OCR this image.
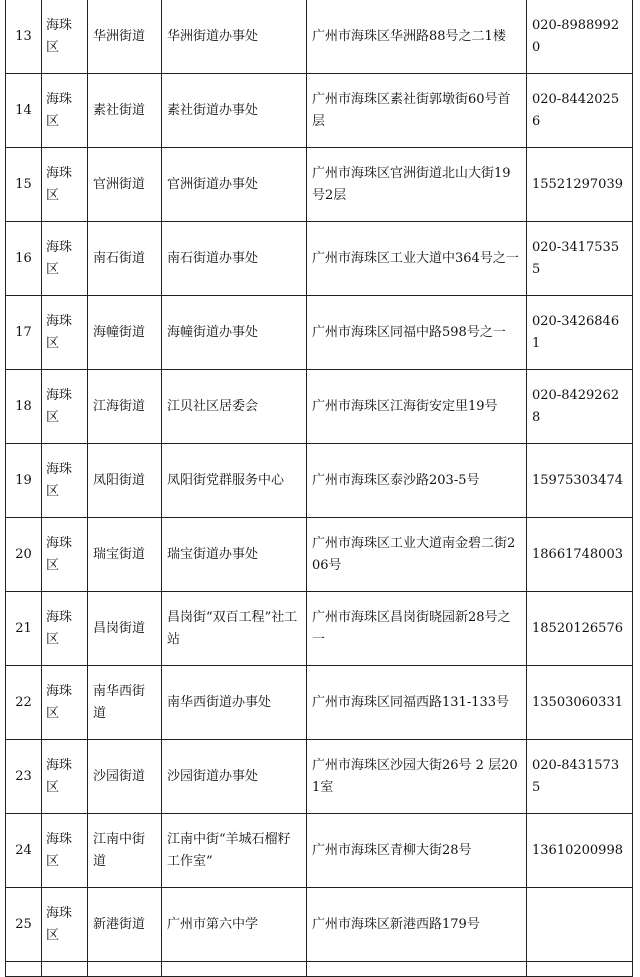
13	海珠区	华洲街道	华洲街道办事处	广州市海珠区华洲路88号之二1楼	020-89889920
14	海珠区	素社街道	素社街道办事处	广州市海珠区素社街郭墩街60号首层	020-84420256
15	海珠区	官洲街道	官洲街道办事处	广州市海珠区官洲街道北山大街19号2层	15521297039
16	海珠区	南石街道	南石街道办事处	广州市海珠区工业大道中364号之一	020-34175355
17	海珠区	海幢街道	海幢街道办事处	广州市海珠区同福中路598号之一	020-34268461
18	海珠区	江海街道	江贝社区居委会	广州市海珠区江海街安定里19号	020-84292628
19	海珠区	凤阳街道	凤阳街党群服务中心	广州市海珠区泰沙路203-5号	15975303474
20	海珠区	瑞宝街道	瑞宝街道办事处	广州市海珠区工业大道南金碧二街206号	18661748003
21	海珠区	昌岗街道	昌岗街“双百工程”社工站	广州市海珠区昌岗街晓园新28号之一	18520126576
22	海珠区	南华西街道	南华西街道办事处	广州市海珠区同福西路131-133号	13503060331
23	海珠区	沙园街道	沙园街道办事处	广州市海珠区沙园大街26号 2 层201室	020-84315735
24	海珠区	江南中街道	江南中街“羊城石榴籽工作室”	广州市海珠区青柳大街28号	13610200998
25	海珠区	新港街道	广州市第六中学	广州市海珠区新港西路179号	
